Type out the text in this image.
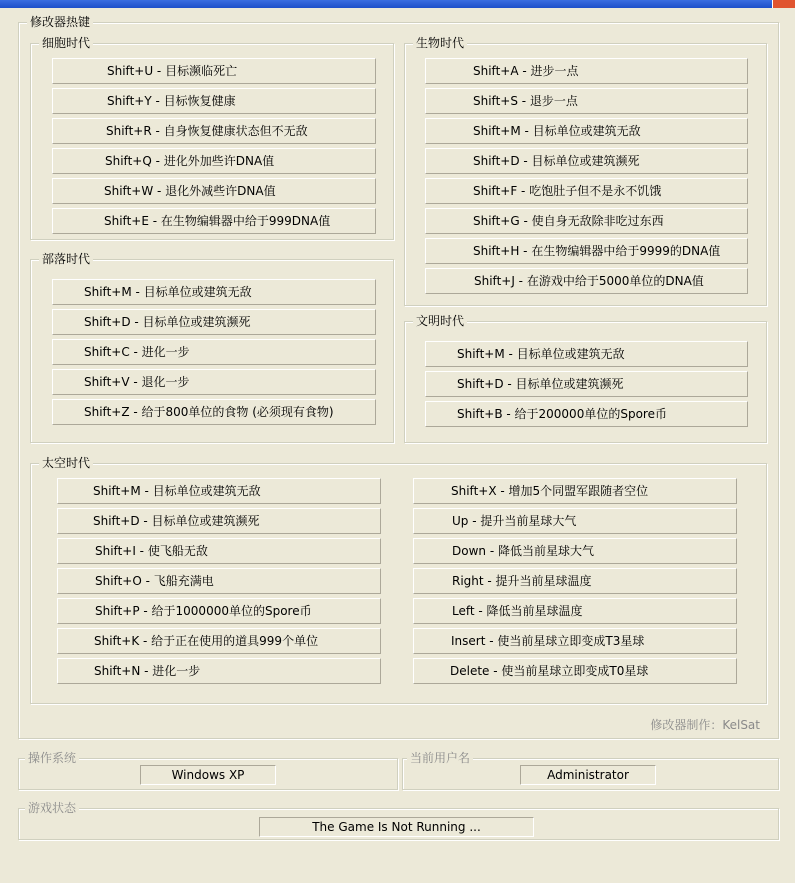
修改器热键
细胞时代
Shift+U - 目标濒临死亡
Shift+Y - 目标恢复健康
Shift+R - 自身恢复健康状态但不无敌
Shift+Q - 进化外加些许DNA值
Shift+W - 退化外减些许DNA值
Shift+E - 在生物编辑器中给于999DNA值
生物时代
Shift+A - 进步一点
Shift+S - 退步一点
Shift+M - 目标单位或建筑无敌
Shift+D - 目标单位或建筑濒死
Shift+F - 吃饱肚子但不是永不饥饿
Shift+G - 使自身无敌除非吃过东西
Shift+H - 在生物编辑器中给于9999的DNA值
Shift+J - 在游戏中给于5000单位的DNA值
部落时代
Shift+M - 目标单位或建筑无敌
Shift+D - 目标单位或建筑濒死
Shift+C - 进化一步
Shift+V - 退化一步
Shift+Z - 给于800单位的食物 (必须现有食物)
文明时代
Shift+M - 目标单位或建筑无敌
Shift+D - 目标单位或建筑濒死
Shift+B - 给于200000单位的Spore币
太空时代
Shift+M - 目标单位或建筑无敌
Shift+D - 目标单位或建筑濒死
Shift+I - 使飞船无敌
Shift+O - 飞船充满电
Shift+P - 给于1000000单位的Spore币
Shift+K - 给于正在使用的道具999个单位
Shift+N - 进化一步
Shift+X - 增加5个同盟军跟随者空位
Up - 提升当前星球大气
Down - 降低当前星球大气
Right - 提升当前星球温度
Left - 降低当前星球温度
Insert - 使当前星球立即变成T3星球
Delete - 使当前星球立即变成T0星球
修改器制作：KelSat
操作系统
Windows XP
当前用户名
Administrator
游戏状态
The Game Is Not Running ...
